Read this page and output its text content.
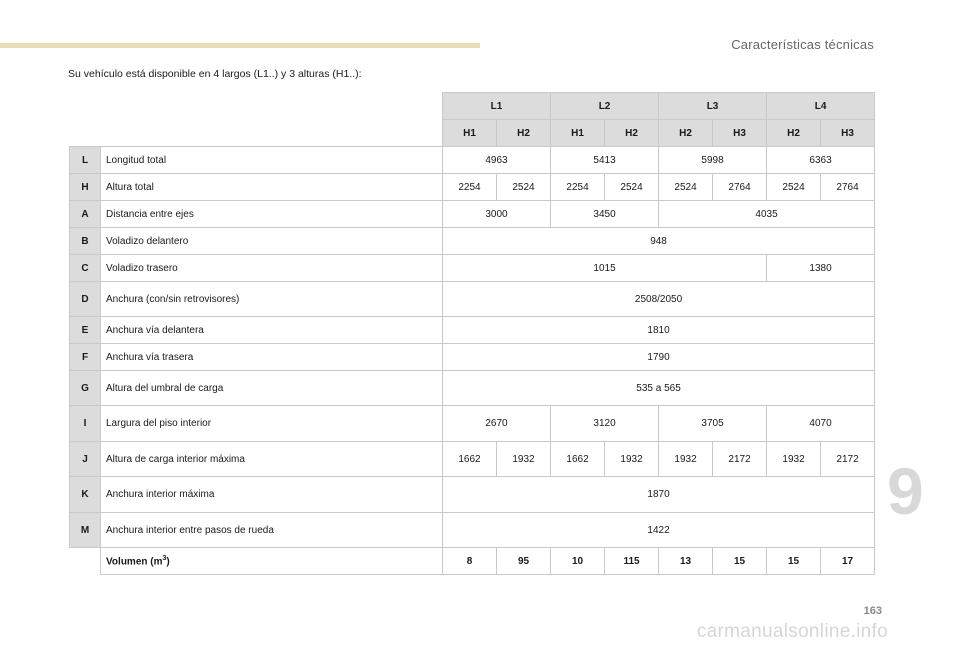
Características técnicas
Su vehículo está disponible en 4 largos (L1..) y 3 alturas (H1..):
		L1		L2		L3		L4	
		H1	H2	H1	H2	H2	H3	H2	H3
L	Longitud total	4963		5413		5998		6363	
H	Altura total	2254	2524	2254	2524	2524	2764	2524	2764
A	Distancia entre ejes	3000		3450		4035			
B	Voladizo delantero	948							
C	Voladizo trasero	1015						1380	
D	Anchura (con/sin retrovisores)	2508/2050							
E	Anchura vía delantera	1810							
F	Anchura vía trasera	1790							
G	Altura del umbral de carga	535 a 565							
I	Largura del piso interior	2670		3120		3705		4070	
J	Altura de carga interior máxima	1662	1932	1662	1932	1932	2172	1932	2172
K	Anchura interior máxima	1870							
M	Anchura interior entre pasos de rueda	1422							
	Volumen $(m^3)$	8	95	10	115	13	15	15	17
9
163
carmanualsonline.info
